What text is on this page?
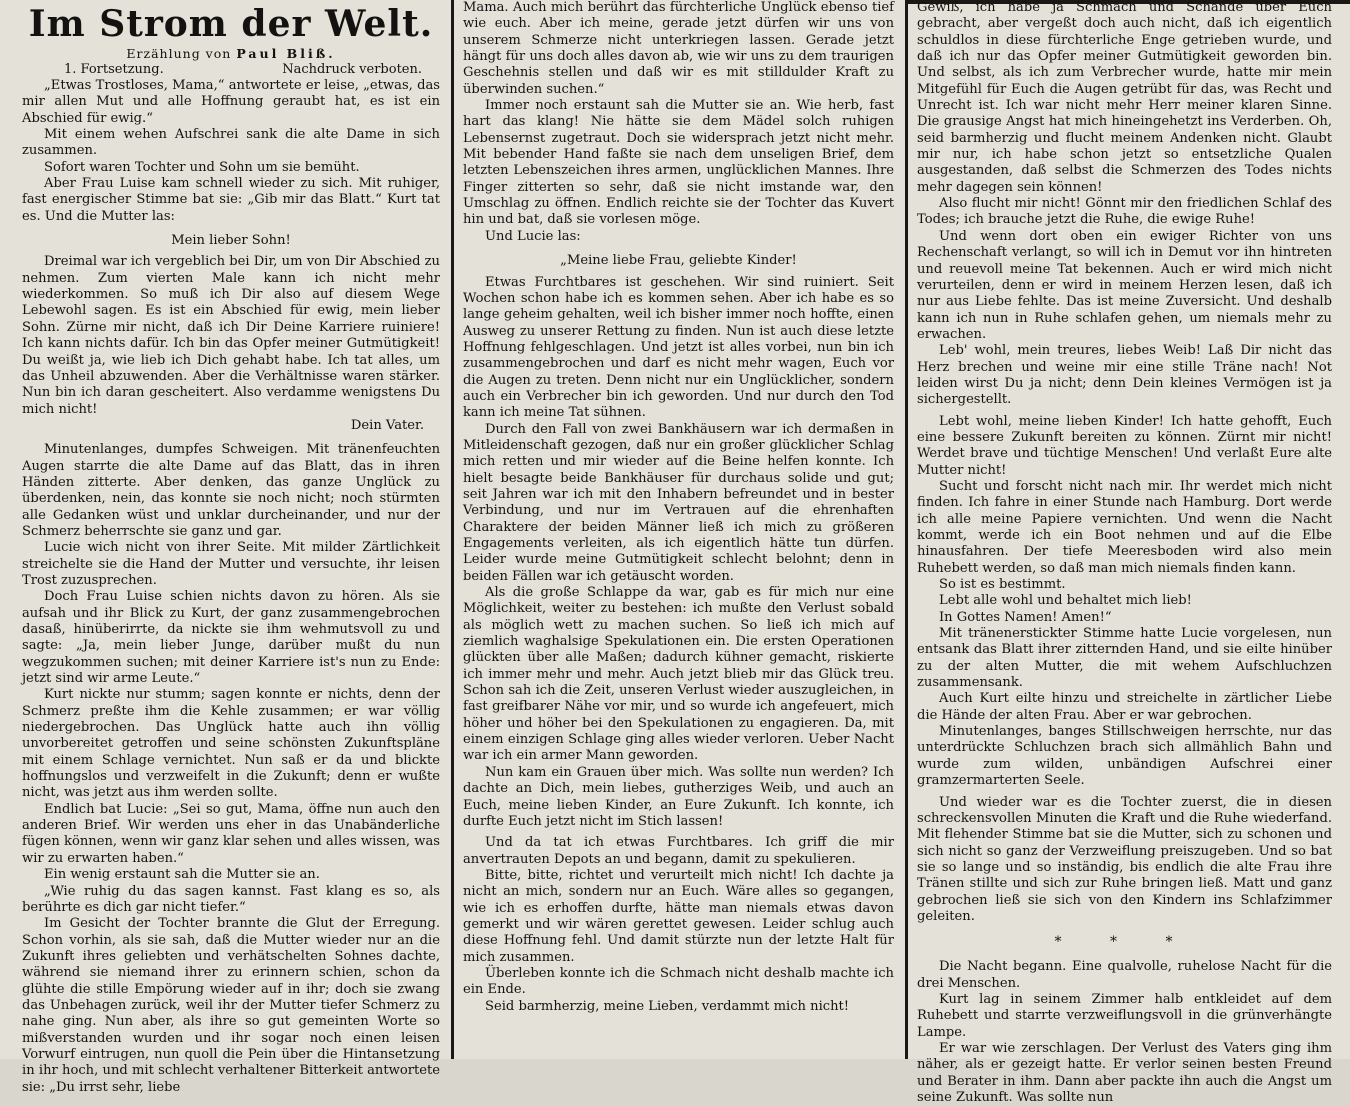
Im Strom der Welt.
Erzählung von Paul Bliß.
1. Fortsetzung.	Nachdruck verboten.

„Etwas Trostloses, Mama,“ antwortete er leise, „etwas, das mir allen Mut und alle Hoffnung geraubt hat, es ist ein Abschied für ewig.“

Mit einem wehen Aufschrei sank die alte Dame in sich zusammen.

Sofort waren Tochter und Sohn um sie bemüht.

Aber Frau Luise kam schnell wieder zu sich. Mit ruhiger, fast energischer Stimme bat sie: „Gib mir das Blatt.“ Kurt tat es. Und die Mutter las:

Mein lieber Sohn!

Dreimal war ich vergeblich bei Dir, um von Dir Abschied zu nehmen. Zum vierten Male kann ich nicht mehr wiederkommen. So muß ich Dir also auf diesem Wege Lebewohl sagen. Es ist ein Abschied für ewig, mein lieber Sohn. Zürne mir nicht, daß ich Dir Deine Karriere ruiniere! Ich kann nichts dafür. Ich bin das Opfer meiner Gutmütigkeit! Du weißt ja, wie lieb ich Dich gehabt habe. Ich tat alles, um das Unheil abzuwenden. Aber die Verhältnisse waren stärker. Nun bin ich daran gescheitert. Also verdamme wenigstens Du mich nicht!

Dein Vater.

Minutenlanges, dumpfes Schweigen. Mit tränenfeuchten Augen starrte die alte Dame auf das Blatt, das in ihren Händen zitterte. Aber denken, das ganze Unglück zu überdenken, nein, das konnte sie noch nicht; noch stürmten alle Gedanken wüst und unklar durcheinander, und nur der Schmerz beherrschte sie ganz und gar.

Lucie wich nicht von ihrer Seite. Mit milder Zärtlichkeit streichelte sie die Hand der Mutter und versuchte, ihr leisen Trost zuzusprechen.

Doch Frau Luise schien nichts davon zu hören. Als sie aufsah und ihr Blick zu Kurt, der ganz zusammengebrochen dasaß, hinüberirrte, da nickte sie ihm wehmutsvoll zu und sagte: „Ja, mein lieber Junge, darüber mußt du nun wegzukommen suchen; mit deiner Karriere ist's nun zu Ende: jetzt sind wir arme Leute.“

Kurt nickte nur stumm; sagen konnte er nichts, denn der Schmerz preßte ihm die Kehle zusammen; er war völlig niedergebrochen. Das Unglück hatte auch ihn völlig unvorbereitet getroffen und seine schönsten Zukunftspläne mit einem Schlage vernichtet. Nun saß er da und blickte hoffnungslos und verzweifelt in die Zukunft; denn er wußte nicht, was jetzt aus ihm werden sollte.

Endlich bat Lucie: „Sei so gut, Mama, öffne nun auch den anderen Brief. Wir werden uns eher in das Unabänderliche fügen können, wenn wir ganz klar sehen und alles wissen, was wir zu erwarten haben.“

Ein wenig erstaunt sah die Mutter sie an.

„Wie ruhig du das sagen kannst. Fast klang es so, als berührte es dich gar nicht tiefer.“

Im Gesicht der Tochter brannte die Glut der Erregung. Schon vorhin, als sie sah, daß die Mutter wieder nur an die Zukunft ihres geliebten und verhätschelten Sohnes dachte, während sie niemand ihrer zu erinnern schien, schon da glühte die stille Empörung wieder auf in ihr; doch sie zwang das Unbehagen zurück, weil ihr der Mutter tiefer Schmerz zu nahe ging. Nun aber, als ihre so gut gemeinten Worte so mißverstanden wurden und ihr sogar noch einen leisen Vorwurf eintrugen, nun quoll die Pein über die Hintansetzung in ihr hoch, und mit schlecht verhaltener Bitterkeit antwortete sie: „Du irrst sehr, liebe

Mama. Auch mich berührt das fürchterliche Unglück ebenso tief wie euch. Aber ich meine, gerade jetzt dürfen wir uns von unserem Schmerze nicht unterkriegen lassen. Gerade jetzt hängt für uns doch alles davon ab, wie wir uns zu dem traurigen Geschehnis stellen und daß wir es mit stilldulder Kraft zu überwinden suchen.“

Immer noch erstaunt sah die Mutter sie an. Wie herb, fast hart das klang! Nie hätte sie dem Mädel solch ruhigen Lebensernst zugetraut. Doch sie widersprach jetzt nicht mehr. Mit bebender Hand faßte sie nach dem unseligen Brief, dem letzten Lebenszeichen ihres armen, unglücklichen Mannes. Ihre Finger zitterten so sehr, daß sie nicht imstande war, den Umschlag zu öffnen. Endlich reichte sie der Tochter das Kuvert hin und bat, daß sie vorlesen möge.

Und Lucie las:

„Meine liebe Frau, geliebte Kinder!

Etwas Furchtbares ist geschehen. Wir sind ruiniert. Seit Wochen schon habe ich es kommen sehen. Aber ich habe es so lange geheim gehalten, weil ich bisher immer noch hoffte, einen Ausweg zu unserer Rettung zu finden. Nun ist auch diese letzte Hoffnung fehlgeschlagen. Und jetzt ist alles vorbei, nun bin ich zusammengebrochen und darf es nicht mehr wagen, Euch vor die Augen zu treten. Denn nicht nur ein Unglücklicher, sondern auch ein Verbrecher bin ich geworden. Und nur durch den Tod kann ich meine Tat sühnen.

Durch den Fall von zwei Bankhäusern war ich dermaßen in Mitleidenschaft gezogen, daß nur ein großer glücklicher Schlag mich retten und mir wieder auf die Beine helfen konnte. Ich hielt besagte beide Bankhäuser für durchaus solide und gut; seit Jahren war ich mit den Inhabern befreundet und in bester Verbindung, und nur im Vertrauen auf die ehrenhaften Charaktere der beiden Männer ließ ich mich zu größeren Engagements verleiten, als ich eigentlich hätte tun dürfen. Leider wurde meine Gutmütigkeit schlecht belohnt; denn in beiden Fällen war ich getäuscht worden.

Als die große Schlappe da war, gab es für mich nur eine Möglichkeit, weiter zu bestehen: ich mußte den Verlust sobald als möglich wett zu machen suchen. So ließ ich mich auf ziemlich waghalsige Spekulationen ein. Die ersten Operationen glückten über alle Maßen; dadurch kühner gemacht, riskierte ich immer mehr und mehr. Auch jetzt blieb mir das Glück treu. Schon sah ich die Zeit, unseren Verlust wieder auszugleichen, in fast greifbarer Nähe vor mir, und so wurde ich angefeuert, mich höher und höher bei den Spekulationen zu engagieren. Da, mit einem einzigen Schlage ging alles wieder verloren. Ueber Nacht war ich ein armer Mann geworden.

Nun kam ein Grauen über mich. Was sollte nun werden? Ich dachte an Dich, mein liebes, gutherziges Weib, und auch an Euch, meine lieben Kinder, an Eure Zukunft. Ich konnte, ich durfte Euch jetzt nicht im Stich lassen!

Und da tat ich etwas Furchtbares. Ich griff die mir anvertrauten Depots an und begann, damit zu spekulieren.

Bitte, bitte, richtet und verurteilt mich nicht! Ich dachte ja nicht an mich, sondern nur an Euch. Wäre alles so gegangen, wie ich es erhoffen durfte, hätte man niemals etwas davon gemerkt und wir wären gerettet gewesen. Leider schlug auch diese Hoffnung fehl. Und damit stürzte nun der letzte Halt für mich zusammen.

Überleben konnte ich die Schmach nicht deshalb machte ich ein Ende.

Seid barmherzig, meine Lieben, verdammt mich nicht!

Gewiß, ich habe ja Schmach und Schande über Euch gebracht, aber vergeßt doch auch nicht, daß ich eigentlich schuldlos in diese fürchterliche Enge getrieben wurde, und daß ich nur das Opfer meiner Gutmütigkeit geworden bin. Und selbst, als ich zum Verbrecher wurde, hatte mir mein Mitgefühl für Euch die Augen getrübt für das, was Recht und Unrecht ist. Ich war nicht mehr Herr meiner klaren Sinne. Die grausige Angst hat mich hineingehetzt ins Verderben. Oh, seid barmherzig und flucht meinem Andenken nicht. Glaubt mir nur, ich habe schon jetzt so entsetzliche Qualen ausgestanden, daß selbst die Schmerzen des Todes nichts mehr dagegen sein können!

Also flucht mir nicht! Gönnt mir den friedlichen Schlaf des Todes; ich brauche jetzt die Ruhe, die ewige Ruhe!

Und wenn dort oben ein ewiger Richter von uns Rechenschaft verlangt, so will ich in Demut vor ihn hintreten und reuevoll meine Tat bekennen. Auch er wird mich nicht verurteilen, denn er wird in meinem Herzen lesen, daß ich nur aus Liebe fehlte. Das ist meine Zuversicht. Und deshalb kann ich nun in Ruhe schlafen gehen, um niemals mehr zu erwachen.

Leb' wohl, mein treures, liebes Weib! Laß Dir nicht das Herz brechen und weine mir eine stille Träne nach! Not leiden wirst Du ja nicht; denn Dein kleines Vermögen ist ja sichergestellt.

Lebt wohl, meine lieben Kinder! Ich hatte gehofft, Euch eine bessere Zukunft bereiten zu können. Zürnt mir nicht! Werdet brave und tüchtige Menschen! Und verlaßt Eure alte Mutter nicht!

Sucht und forscht nicht nach mir. Ihr werdet mich nicht finden. Ich fahre in einer Stunde nach Hamburg. Dort werde ich alle meine Papiere vernichten. Und wenn die Nacht kommt, werde ich ein Boot nehmen und auf die Elbe hinausfahren. Der tiefe Meeresboden wird also mein Ruhebett werden, so daß man mich niemals finden kann.

So ist es bestimmt.

Lebt alle wohl und behaltet mich lieb!

In Gottes Namen! Amen!“

Mit tränenerstickter Stimme hatte Lucie vorgelesen, nun entsank das Blatt ihrer zitternden Hand, und sie eilte hinüber zu der alten Mutter, die mit wehem Aufschluchzen zusammensank.

Auch Kurt eilte hinzu und streichelte in zärtlicher Liebe die Hände der alten Frau. Aber er war gebrochen.

Minutenlanges, banges Stillschweigen herrschte, nur das unterdrückte Schluchzen brach sich allmählich Bahn und wurde zum wilden, unbändigen Aufschrei einer gramzermarterten Seele.

Und wieder war es die Tochter zuerst, die in diesen schreckensvollen Minuten die Kraft und die Ruhe wiederfand. Mit flehender Stimme bat sie die Mutter, sich zu schonen und sich nicht so ganz der Verzweiflung preiszugeben. Und so bat sie so lange und so inständig, bis endlich die alte Frau ihre Tränen stillte und sich zur Ruhe bringen ließ. Matt und ganz gebrochen ließ sie sich von den Kindern ins Schlafzimmer geleiten.

* * *

Die Nacht begann. Eine qualvolle, ruhelose Nacht für die drei Menschen.

Kurt lag in seinem Zimmer halb entkleidet auf dem Ruhebett und starrte verzweiflungsvoll in die grünverhängte Lampe.

Er war wie zerschlagen. Der Verlust des Vaters ging ihm näher, als er gezeigt hatte. Er verlor seinen besten Freund und Berater in ihm. Dann aber packte ihn auch die Angst um seine Zukunft. Was sollte nun
